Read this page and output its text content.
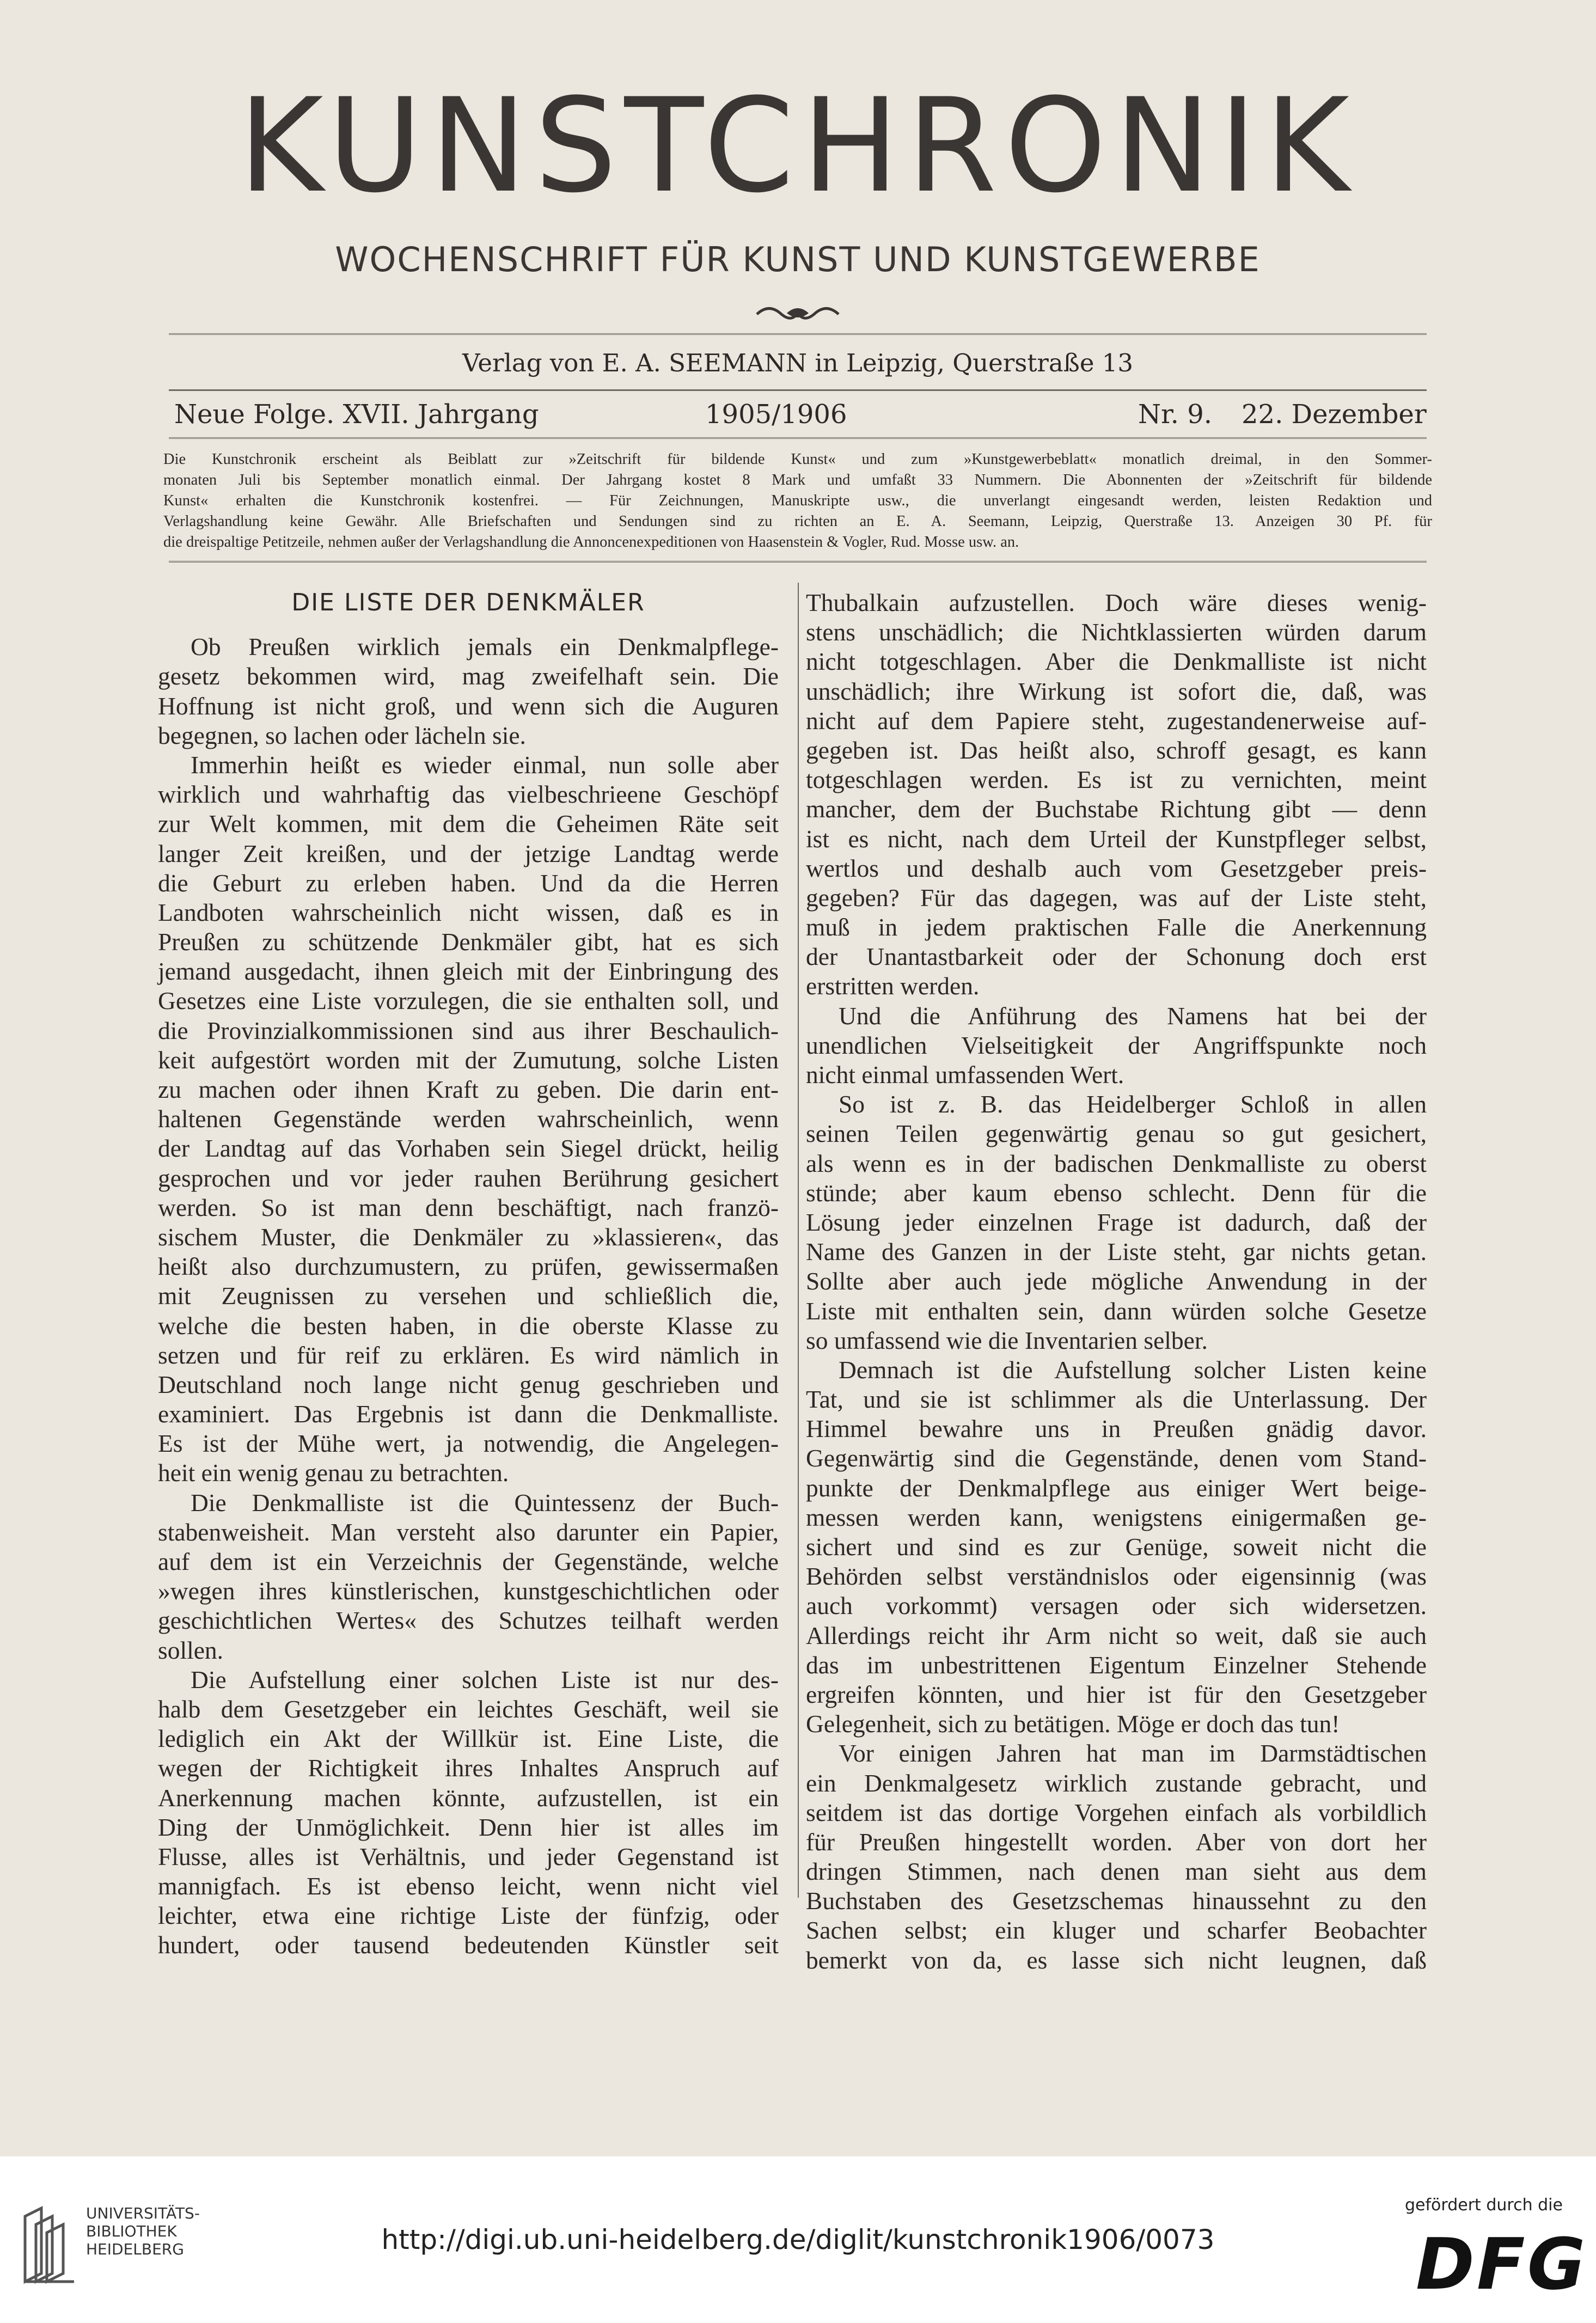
KUNSTCHRONIK
WOCHENSCHRIFT FÜR KUNST UND KUNSTGEWERBE
Verlag von E. A. SEEMANN in Leipzig, Querstraße 13
Neue Folge. XVII. Jahrgang	1905/1906	Nr. 9. 22. Dezember
Die Kunstchronik erscheint als Beiblatt zur »Zeitschrift für bildende Kunst« und zum »Kunstgewerbeblatt« monatlich dreimal, in den Sommer-
monaten Juli bis September monatlich einmal. Der Jahrgang kostet 8 Mark und umfaßt 33 Nummern. Die Abonnenten der »Zeitschrift für bildende
Kunst« erhalten die Kunstchronik kostenfrei. — Für Zeichnungen, Manuskripte usw., die unverlangt eingesandt werden, leisten Redaktion und
Verlagshandlung keine Gewähr. Alle Briefschaften und Sendungen sind zu richten an E. A. Seemann, Leipzig, Querstraße 13. Anzeigen 30 Pf. für
die dreispaltige Petitzeile, nehmen außer der Verlagshandlung die Annoncenexpeditionen von Haasenstein & Vogler, Rud. Mosse usw. an.
DIE LISTE DER DENKMÄLER
Ob Preußen wirklich jemals ein Denkmalpflege-
gesetz bekommen wird, mag zweifelhaft sein. Die
Hoffnung ist nicht groß, und wenn sich die Auguren
begegnen, so lachen oder lächeln sie.
Immerhin heißt es wieder einmal, nun solle aber
wirklich und wahrhaftig das vielbeschrieene Geschöpf
zur Welt kommen, mit dem die Geheimen Räte seit
langer Zeit kreißen, und der jetzige Landtag werde
die Geburt zu erleben haben. Und da die Herren
Landboten wahrscheinlich nicht wissen, daß es in
Preußen zu schützende Denkmäler gibt, hat es sich
jemand ausgedacht, ihnen gleich mit der Einbringung des
Gesetzes eine Liste vorzulegen, die sie enthalten soll, und
die Provinzialkommissionen sind aus ihrer Beschaulich-
keit aufgestört worden mit der Zumutung, solche Listen
zu machen oder ihnen Kraft zu geben. Die darin ent-
haltenen Gegenstände werden wahrscheinlich, wenn
der Landtag auf das Vorhaben sein Siegel drückt, heilig
gesprochen und vor jeder rauhen Berührung gesichert
werden. So ist man denn beschäftigt, nach franzö-
sischem Muster, die Denkmäler zu »klassieren«, das
heißt also durchzumustern, zu prüfen, gewissermaßen
mit Zeugnissen zu versehen und schließlich die,
welche die besten haben, in die oberste Klasse zu
setzen und für reif zu erklären. Es wird nämlich in
Deutschland noch lange nicht genug geschrieben und
examiniert. Das Ergebnis ist dann die Denkmalliste.
Es ist der Mühe wert, ja notwendig, die Angelegen-
heit ein wenig genau zu betrachten.
Die Denkmalliste ist die Quintessenz der Buch-
stabenweisheit. Man versteht also darunter ein Papier,
auf dem ist ein Verzeichnis der Gegenstände, welche
»wegen ihres künstlerischen, kunstgeschichtlichen oder
geschichtlichen Wertes« des Schutzes teilhaft werden
sollen.
Die Aufstellung einer solchen Liste ist nur des-
halb dem Gesetzgeber ein leichtes Geschäft, weil sie
lediglich ein Akt der Willkür ist. Eine Liste, die
wegen der Richtigkeit ihres Inhaltes Anspruch auf
Anerkennung machen könnte, aufzustellen, ist ein
Ding der Unmöglichkeit. Denn hier ist alles im
Flusse, alles ist Verhältnis, und jeder Gegenstand ist
mannigfach. Es ist ebenso leicht, wenn nicht viel
leichter, etwa eine richtige Liste der fünfzig, oder
hundert, oder tausend bedeutenden Künstler seit
Thubalkain aufzustellen. Doch wäre dieses wenig-
stens unschädlich; die Nichtklassierten würden darum
nicht totgeschlagen. Aber die Denkmalliste ist nicht
unschädlich; ihre Wirkung ist sofort die, daß, was
nicht auf dem Papiere steht, zugestandenerweise auf-
gegeben ist. Das heißt also, schroff gesagt, es kann
totgeschlagen werden. Es ist zu vernichten, meint
mancher, dem der Buchstabe Richtung gibt — denn
ist es nicht, nach dem Urteil der Kunstpfleger selbst,
wertlos und deshalb auch vom Gesetzgeber preis-
gegeben? Für das dagegen, was auf der Liste steht,
muß in jedem praktischen Falle die Anerkennung
der Unantastbarkeit oder der Schonung doch erst
erstritten werden.
Und die Anführung des Namens hat bei der
unendlichen Vielseitigkeit der Angriffspunkte noch
nicht einmal umfassenden Wert.
So ist z. B. das Heidelberger Schloß in allen
seinen Teilen gegenwärtig genau so gut gesichert,
als wenn es in der badischen Denkmalliste zu oberst
stünde; aber kaum ebenso schlecht. Denn für die
Lösung jeder einzelnen Frage ist dadurch, daß der
Name des Ganzen in der Liste steht, gar nichts getan.
Sollte aber auch jede mögliche Anwendung in der
Liste mit enthalten sein, dann würden solche Gesetze
so umfassend wie die Inventarien selber.
Demnach ist die Aufstellung solcher Listen keine
Tat, und sie ist schlimmer als die Unterlassung. Der
Himmel bewahre uns in Preußen gnädig davor.
Gegenwärtig sind die Gegenstände, denen vom Stand-
punkte der Denkmalpflege aus einiger Wert beige-
messen werden kann, wenigstens einigermaßen ge-
sichert und sind es zur Genüge, soweit nicht die
Behörden selbst verständnislos oder eigensinnig (was
auch vorkommt) versagen oder sich widersetzen.
Allerdings reicht ihr Arm nicht so weit, daß sie auch
das im unbestrittenen Eigentum Einzelner Stehende
ergreifen könnten, und hier ist für den Gesetzgeber
Gelegenheit, sich zu betätigen. Möge er doch das tun!
Vor einigen Jahren hat man im Darmstädtischen
ein Denkmalgesetz wirklich zustande gebracht, und
seitdem ist das dortige Vorgehen einfach als vorbildlich
für Preußen hingestellt worden. Aber von dort her
dringen Stimmen, nach denen man sieht aus dem
Buchstaben des Gesetzschemas hinaussehnt zu den
Sachen selbst; ein kluger und scharfer Beobachter
bemerkt von da, es lasse sich nicht leugnen, daß
UNIVERSITÄTS-
BIBLIOTHEK
HEIDELBERG	http://digi.ub.uni-heidelberg.de/diglit/kunstchronik1906/0073
gefördert durch die
DFG
